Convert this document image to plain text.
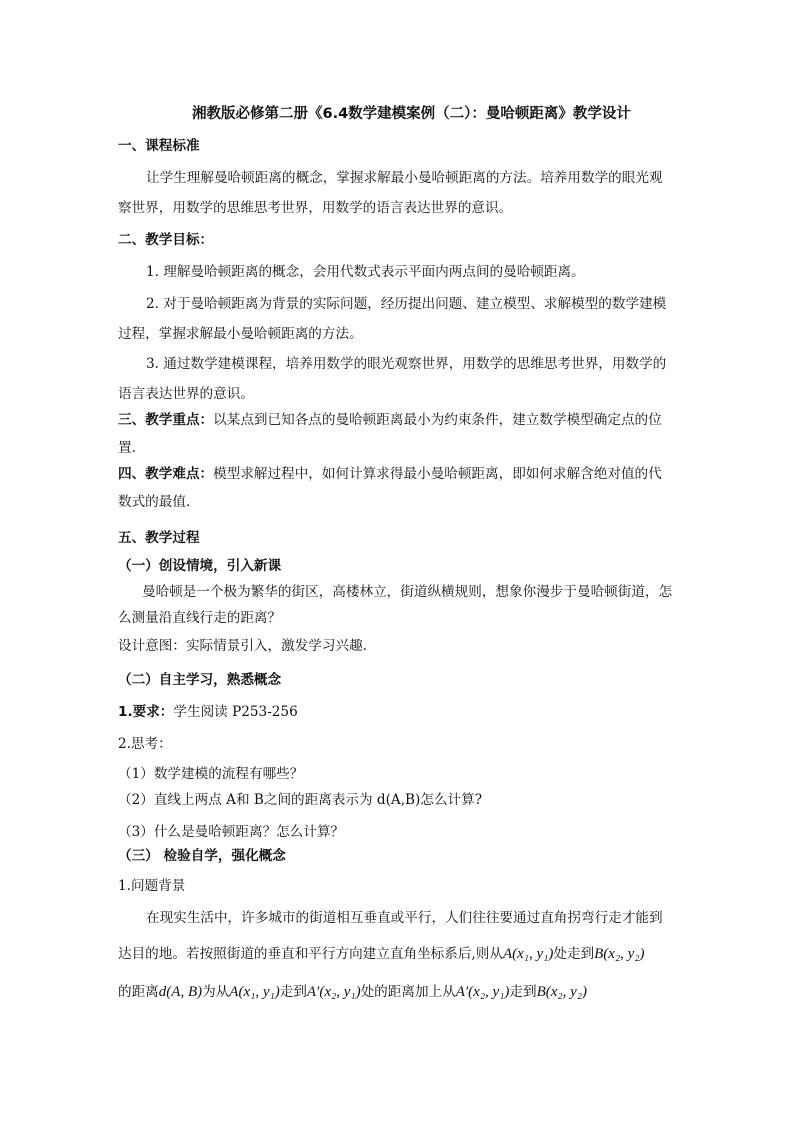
湘教版必修第二册《6.4数学建模案例（二）：曼哈顿距离》教学设计
一、课程标准
让学生理解曼哈顿距离的概念，掌握求解最小曼哈顿距离的方法。培养用数学的眼光观
察世界，用数学的思维思考世界，用数学的语言表达世界的意识。
二、教学目标：
1. 理解曼哈顿距离的概念，会用代数式表示平面内两点间的曼哈顿距离。
2. 对于曼哈顿距离为背景的实际问题，经历提出问题、建立模型、求解模型的数学建模
过程，掌握求解最小曼哈顿距离的方法。
3. 通过数学建模课程，培养用数学的眼光观察世界，用数学的思维思考世界，用数学的
语言表达世界的意识。
三、教学重点：以某点到已知各点的曼哈顿距离最小为约束条件，建立数学模型确定点的位
置.
四、教学难点：模型求解过程中，如何计算求得最小曼哈顿距离，即如何求解含绝对值的代
数式的最值.
五、教学过程
（一）创设情境，引入新课
曼哈顿是一个极为繁华的街区，高楼林立，街道纵横规则，想象你漫步于曼哈顿街道，怎
么测量沿直线行走的距离？
设计意图：实际情景引入，激发学习兴趣.
（二）自主学习，熟悉概念
1.要求：学生阅读 P253-256
2.思考：
（1）数学建模的流程有哪些？
（2）直线上两点 A和 B之间的距离表示为 d(A,B)怎么计算?
（3）什么是曼哈顿距离？怎么计算？
（三） 检验自学，强化概念
1.问题背景
在现实生活中，许多城市的街道相互垂直或平行，人们往往要通过直角拐弯行走才能到
达目的地。若按照街道的垂直和平行方向建立直角坐标系后,则从A(x₁, y₁)处走到B(x₂, y₂)
的距离d(A, B)为从A(x₁, y₁)走到A′(x₂, y₁)处的距离加上从A′(x₂, y₁)走到B(x₂, y₂)
